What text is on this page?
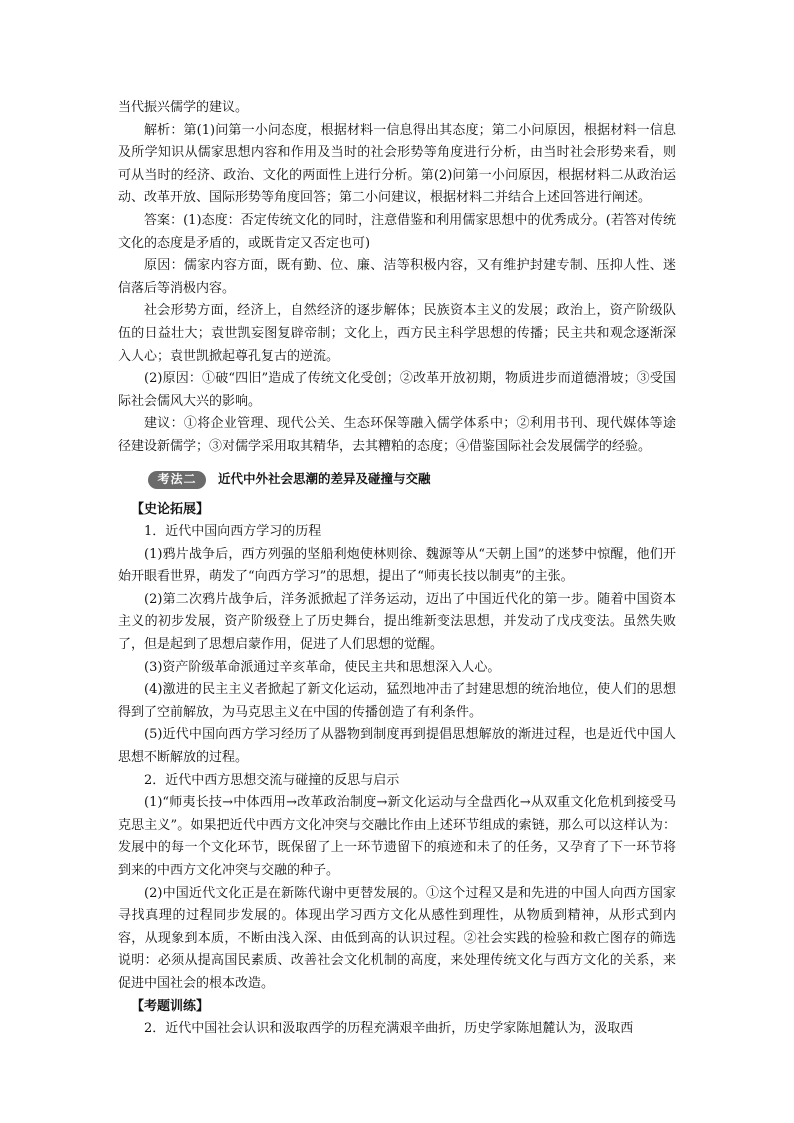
当代振兴儒学的建议。

解析：第(1)问第一小问态度，根据材料一信息得出其态度；第二小问原因，根据材料一信息及所学知识从儒家思想内容和作用及当时的社会形势等角度进行分析，由当时社会形势来看，则可从当时的经济、政治、文化的两面性上进行分析。第(2)问第一小问原因，根据材料二从政治运动、改革开放、国际形势等角度回答；第二小问建议，根据材料二并结合上述回答进行阐述。

答案：(1)态度：否定传统文化的同时，注意借鉴和利用儒家思想中的优秀成分。(若答对传统文化的态度是矛盾的，或既肯定又否定也可)

原因：儒家内容方面，既有勤、位、廉、洁等积极内容，又有维护封建专制、压抑人性、迷信落后等消极内容。

社会形势方面，经济上，自然经济的逐步解体；民族资本主义的发展；政治上，资产阶级队伍的日益壮大；袁世凯妄图复辟帝制；文化上，西方民主科学思想的传播；民主共和观念逐渐深入人心；袁世凯掀起尊孔复古的逆流。

(2)原因：①破“四旧”造成了传统文化受创；②改革开放初期，物质进步而道德滑坡；③受国际社会儒风大兴的影响。

建议：①将企业管理、现代公关、生态环保等融入儒学体系中；②利用书刊、现代媒体等途径建设新儒学；③对儒学采用取其精华，去其糟粕的态度；④借鉴国际社会发展儒学的经验。

考法二	近代中外社会思潮的差异及碰撞与交融

【史论拓展】

1．近代中国向西方学习的历程

(1)鸦片战争后，西方列强的坚船利炮使林则徐、魏源等从“天朝上国”的迷梦中惊醒，他们开始开眼看世界，萌发了“向西方学习”的思想，提出了“师夷长技以制夷”的主张。

(2)第二次鸦片战争后，洋务派掀起了洋务运动，迈出了中国近代化的第一步。随着中国资本主义的初步发展，资产阶级登上了历史舞台，提出维新变法思想，并发动了戊戌变法。虽然失败了，但是起到了思想启蒙作用，促进了人们思想的觉醒。

(3)资产阶级革命派通过辛亥革命，使民主共和思想深入人心。

(4)激进的民主主义者掀起了新文化运动，猛烈地冲击了封建思想的统治地位，使人们的思想得到了空前解放，为马克思主义在中国的传播创造了有利条件。

(5)近代中国向西方学习经历了从器物到制度再到提倡思想解放的渐进过程，也是近代中国人思想不断解放的过程。

2．近代中西方思想交流与碰撞的反思与启示

(1)“师夷长技→中体西用→改革政治制度→新文化运动与全盘西化→从双重文化危机到接受马克思主义”。如果把近代中西方文化冲突与交融比作由上述环节组成的索链，那么可以这样认为：发展中的每一个文化环节，既保留了上一环节遗留下的痕迹和未了的任务，又孕育了下一环节将到来的中西方文化冲突与交融的种子。

(2)中国近代文化正是在新陈代谢中更替发展的。①这个过程又是和先进的中国人向西方国家寻找真理的过程同步发展的。体现出学习西方文化从感性到理性，从物质到精神，从形式到内容，从现象到本质，不断由浅入深、由低到高的认识过程。②社会实践的检验和救亡图存的筛选说明：必须从提高国民素质、改善社会文化机制的高度，来处理传统文化与西方文化的关系，来促进中国社会的根本改造。

【考题训练】

2．近代中国社会认识和汲取西学的历程充满艰辛曲折，历史学家陈旭麓认为，汲取西
